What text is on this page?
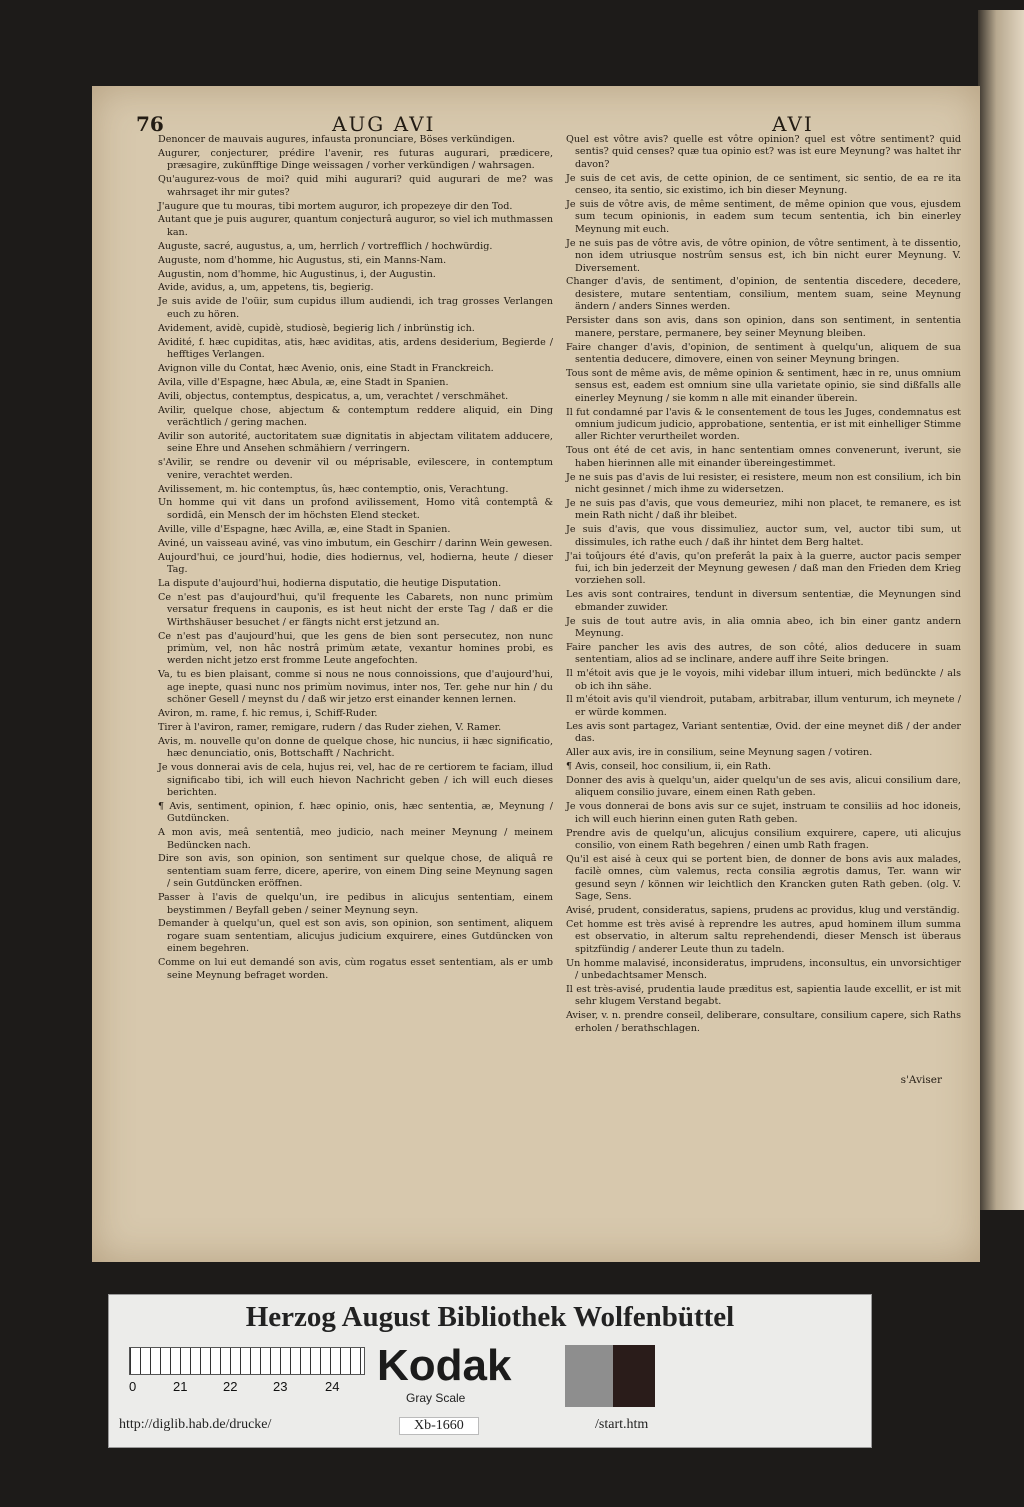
76	AUG AVI	AVI

Denoncer de mauvais augures, infausta pronunciare, Böses verkündigen.

Augurer, conjecturer, prédire l'avenir, res futuras augurari, prædicere, præsagire, zukünfftige Dinge weissagen / vorher verkündigen / wahrsagen.

Qu'augurez-vous de moi? quid mihi augurari? quid augurari de me? was wahrsaget ihr mir gutes?

J'augure que tu mouras, tibi mortem auguror, ich propezeye dir den Tod.

Autant que je puis augurer, quantum conjecturâ auguror, so viel ich muthmassen kan.

Auguste, sacré, augustus, a, um, herrlich / vortrefflich / hochwürdig.

Auguste, nom d'homme, hic Augustus, sti, ein Manns-Nam.

Augustin, nom d'homme, hic Augustinus, i, der Augustin.

Avide, avidus, a, um, appetens, tis, begierig.

Je suis avide de l'oüir, sum cupidus illum audiendi, ich trag grosses Verlangen euch zu hören.

Avidement, avidè, cupidè, studiosè, begierig lich / inbrünstig ich.

Avidité, f. hæc cupiditas, atis, hæc aviditas, atis, ardens desiderium, Begierde / hefftiges Verlangen.

Avignon ville du Contat, hæc Avenio, onis, eine Stadt in Franckreich.

Avila, ville d'Espagne, hæc Abula, æ, eine Stadt in Spanien.

Avili, objectus, contemptus, despicatus, a, um, verachtet / verschmähet.

Avilir, quelque chose, abjectum & contemptum reddere aliquid, ein Ding verächtlich / gering machen.

Avilir son autorité, auctoritatem suæ dignitatis in abjectam vilitatem adducere, seine Ehre und Ansehen schmähiern / verringern.

s'Avilir, se rendre ou devenir vil ou méprisable, evilescere, in contemptum venire, verachtet werden.

Avilissement, m. hic contemptus, ûs, hæc contemptio, onis, Verachtung.

Un homme qui vit dans un profond avilissement, Homo vitâ contemptâ & sordidâ, ein Mensch der im höchsten Elend stecket.

Aville, ville d'Espagne, hæc Avilla, æ, eine Stadt in Spanien.

Aviné, un vaisseau aviné, vas vino imbutum, ein Geschirr / darinn Wein gewesen.

Aujourd'hui, ce jourd'hui, hodie, dies hodiernus, vel, hodierna, heute / dieser Tag.

La dispute d'aujourd'hui, hodierna disputatio, die heutige Disputation.

Ce n'est pas d'aujourd'hui, qu'il frequente les Cabarets, non nunc primùm versatur frequens in cauponis, es ist heut nicht der erste Tag / daß er die Wirthshäuser besuchet / er fängts nicht erst jetzund an.

Ce n'est pas d'aujourd'hui, que les gens de bien sont persecutez, non nunc primùm, vel, non hâc nostrâ primùm ætate, vexantur homines probi, es werden nicht jetzo erst fromme Leute angefochten.

Va, tu es bien plaisant, comme si nous ne nous connoissions, que d'aujourd'hui, age inepte, quasi nunc nos primùm novimus, inter nos, Ter. gehe nur hin / du schöner Gesell / meynst du / daß wir jetzo erst einander kennen lernen.

Aviron, m. rame, f. hic remus, i, Schiff-Ruder.

Tirer à l'aviron, ramer, remigare, rudern / das Ruder ziehen, V. Ramer.

Avis, m. nouvelle qu'on donne de quelque chose, hic nuncius, ii hæc significatio, hæc denunciatio, onis, Bottschafft / Nachricht.

Je vous donnerai avis de cela, hujus rei, vel, hac de re certiorem te faciam, illud significabo tibi, ich will euch hievon Nachricht geben / ich will euch dieses berichten.

¶ Avis, sentiment, opinion, f. hæc opinio, onis, hæc sententia, æ, Meynung / Gutdüncken.

A mon avis, meâ sententiâ, meo judicio, nach meiner Meynung / meinem Bedüncken nach.

Dire son avis, son opinion, son sentiment sur quelque chose, de aliquâ re sententiam suam ferre, dicere, aperire, von einem Ding seine Meynung sagen / sein Gutdüncken eröffnen.

Passer à l'avis de quelqu'un, ire pedibus in alicujus sententiam, einem beystimmen / Beyfall geben / seiner Meynung seyn.

Demander à quelqu'un, quel est son avis, son opinion, son sentiment, aliquem rogare suam sententiam, alicujus judicium exquirere, eines Gutdüncken von einem begehren.

Comme on lui eut demandé son avis, cùm rogatus esset sententiam, als er umb seine Meynung befraget worden.

Quel est vôtre avis? quelle est vôtre opinion? quel est vôtre sentiment? quid sentis? quid censes? quæ tua opinio est? was ist eure Meynung? was haltet ihr davon?

Je suis de cet avis, de cette opinion, de ce sentiment, sic sentio, de ea re ita censeo, ita sentio, sic existimo, ich bin dieser Meynung.

Je suis de vôtre avis, de même sentiment, de même opinion que vous, ejusdem sum tecum opinionis, in eadem sum tecum sententia, ich bin einerley Meynung mit euch.

Je ne suis pas de vôtre avis, de vôtre opinion, de vôtre sentiment, à te dissentio, non idem utriusque nostrûm sensus est, ich bin nicht eurer Meynung. V. Diversement.

Changer d'avis, de sentiment, d'opinion, de sententia discedere, decedere, desistere, mutare sententiam, consilium, mentem suam, seine Meynung ändern / anders Sinnes werden.

Persister dans son avis, dans son opinion, dans son sentiment, in sententia manere, perstare, permanere, bey seiner Meynung bleiben.

Faire changer d'avis, d'opinion, de sentiment à quelqu'un, aliquem de sua sententia deducere, dimovere, einen von seiner Meynung bringen.

Tous sont de même avis, de même opinion & sentiment, hæc in re, unus omnium sensus est, eadem est omnium sine ulla varietate opinio, sie sind dißfalls alle einerley Meynung / sie komm n alle mit einander überein.

Il fut condamné par l'avis & le consentement de tous les Juges, condemnatus est omnium judicum judicio, approbatione, sententia, er ist mit einhelliger Stimme aller Richter verurtheilet worden.

Tous ont été de cet avis, in hanc sententiam omnes convenerunt, iverunt, sie haben hierinnen alle mit einander übereingestimmet.

Je ne suis pas d'avis de lui resister, ei resistere, meum non est consilium, ich bin nicht gesinnet / mich ihme zu widersetzen.

Je ne suis pas d'avis, que vous demeuriez, mihi non placet, te remanere, es ist mein Rath nicht / daß ihr bleibet.

Je suis d'avis, que vous dissimuliez, auctor sum, vel, auctor tibi sum, ut dissimules, ich rathe euch / daß ihr hintet dem Berg haltet.

J'ai toûjours été d'avis, qu'on preferât la paix à la guerre, auctor pacis semper fui, ich bin jederzeit der Meynung gewesen / daß man den Frieden dem Krieg vorziehen soll.

Les avis sont contraires, tendunt in diversum sententiæ, die Meynungen sind ebmander zuwider.

Je suis de tout autre avis, in alia omnia abeo, ich bin einer gantz andern Meynung.

Faire pancher les avis des autres, de son côté, alios deducere in suam sententiam, alios ad se inclinare, andere auff ihre Seite bringen.

Il m'étoit avis que je le voyois, mihi videbar illum intueri, mich bedünckte / als ob ich ihn sähe.

Il m'étoit avis qu'il viendroit, putabam, arbitrabar, illum venturum, ich meynete / er würde kommen.

Les avis sont partagez, Variant sententiæ, Ovid. der eine meynet diß / der ander das.

Aller aux avis, ire in consilium, seine Meynung sagen / votiren.

¶ Avis, conseil, hoc consilium, ii, ein Rath.

Donner des avis à quelqu'un, aider quelqu'un de ses avis, alicui consilium dare, aliquem consilio juvare, einem einen Rath geben.

Je vous donnerai de bons avis sur ce sujet, instruam te consiliis ad hoc idoneis, ich will euch hierinn einen guten Rath geben.

Prendre avis de quelqu'un, alicujus consilium exquirere, capere, uti alicujus consilio, von einem Rath begehren / einen umb Rath fragen.

Qu'il est aisé à ceux qui se portent bien, de donner de bons avis aux malades, facilè omnes, cùm valemus, recta consilia ægrotis damus, Ter. wann wir gesund seyn / können wir leichtlich den Krancken guten Rath geben. (olg. V. Sage, Sens.

Avisé, prudent, consideratus, sapiens, prudens ac providus, klug und verständig.

Cet homme est très avisé à reprendre les autres, apud hominem illum summa est observatio, in alterum saltu reprehendendi, dieser Mensch ist überaus spitzfündig / anderer Leute thun zu tadeln.

Un homme malavisé, inconsideratus, imprudens, inconsultus, ein unvorsichtiger / unbedachtsamer Mensch.

Il est très-avisé, prudentia laude præditus est, sapientia laude excellit, er ist mit sehr klugem Verstand begabt.

Aviser, v. n. prendre conseil, deliberare, consultare, consilium capere, sich Raths erholen / berathschlagen.

s'Aviser
Herzog August Bibliothek Wolfenbüttel
0	21	22	23	24 Kodak
Gray Scale
http://diglib.hab.de/drucke/	Xb-1660	/start.htm
